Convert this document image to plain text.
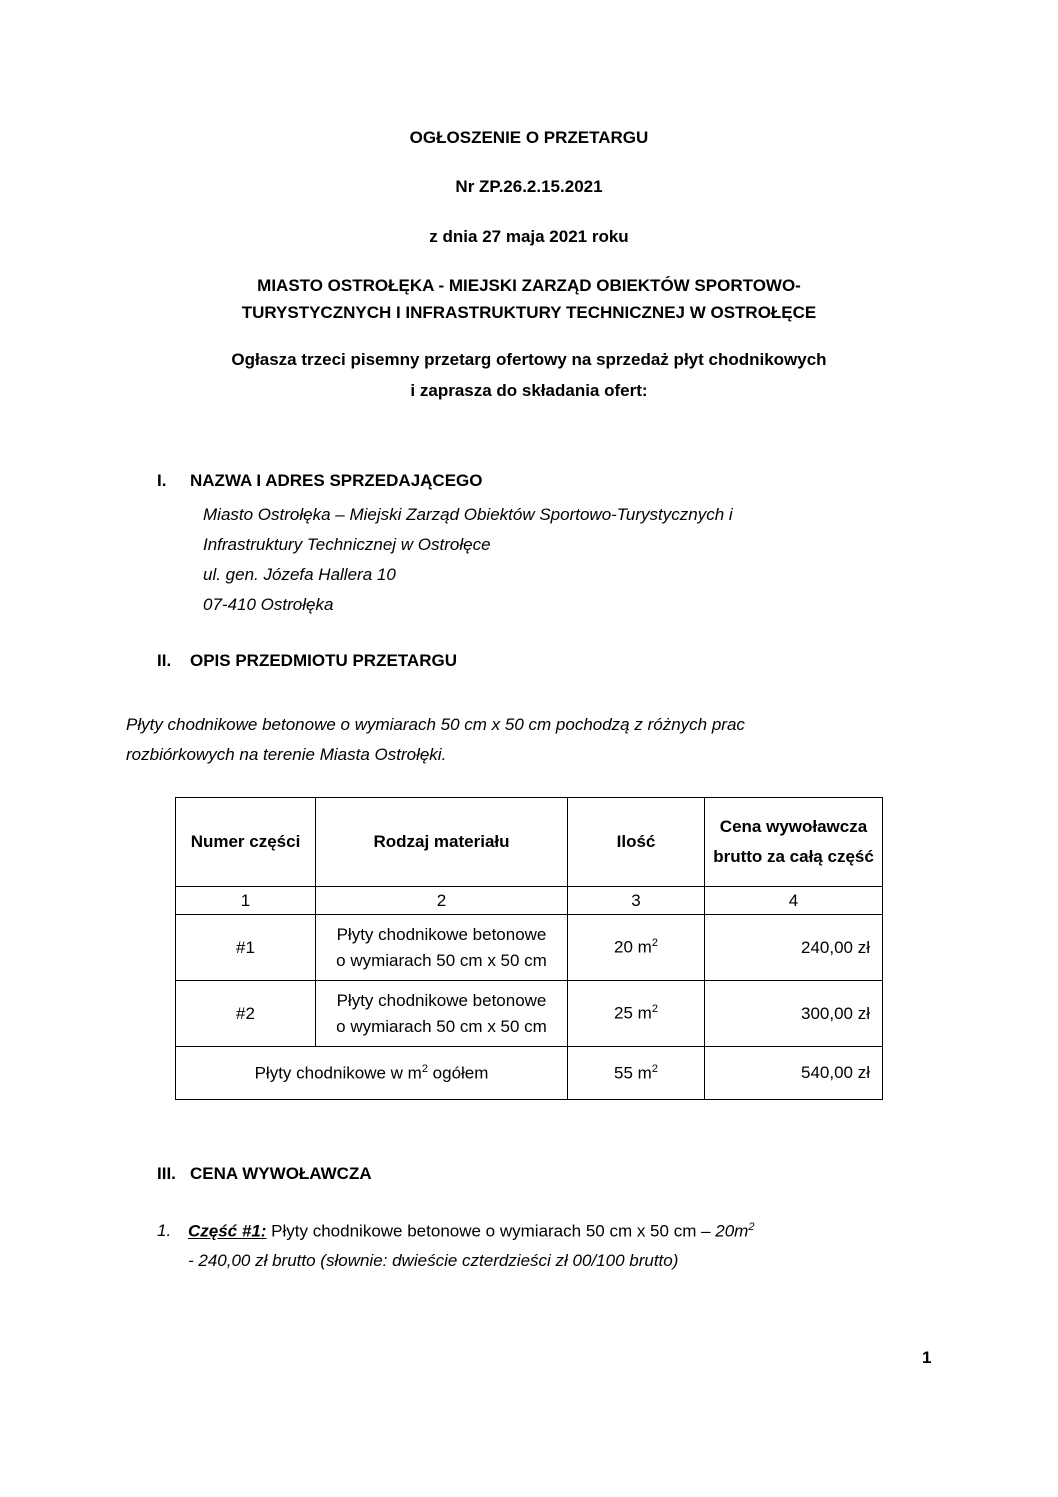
OGŁOSZENIE O PRZETARGU
Nr ZP.26.2.15.2021
z dnia 27 maja 2021 roku
MIASTO OSTROŁĘKA - MIEJSKI ZARZĄD OBIEKTÓW SPORTOWO-
TURYSTYCZNYCH I INFRASTRUKTURY TECHNICZNEJ W OSTROŁĘCE
Ogłasza trzeci pisemny przetarg ofertowy na sprzedaż płyt chodnikowych
i zaprasza do składania ofert:
I. NAZWA I ADRES SPRZEDAJĄCEGO
Miasto Ostrołęka – Miejski Zarząd Obiektów Sportowo-Turystycznych i
Infrastruktury Technicznej w Ostrołęce
ul. gen. Józefa Hallera 10
07-410 Ostrołęka
II. OPIS PRZEDMIOTU PRZETARGU
Płyty chodnikowe betonowe o wymiarach 50 cm x 50 cm pochodzą z różnych prac
rozbiórkowych na terenie Miasta Ostrołęki.
Numer części	Rodzaj materiału	Ilość	Cena wywoławcza brutto za całą część
1	2	3	4
#1	Płyty chodnikowe betonowe
o wymiarach 50 cm x 50 cm	20 $m^2$	240,00 zł
#2	Płyty chodnikowe betonowe
o wymiarach 50 cm x 50 cm	25 $m^2$	300,00 zł
Płyty chodnikowe w $m^2$ ogółem		55 $m^2$	540,00 zł
III. CENA WYWOŁAWCZA
1. Część #1: Płyty chodnikowe betonowe o wymiarach 50 cm x 50 cm – $20m^2$
- 240,00 zł brutto (słownie: dwieście czterdzieści zł 00/100 brutto)
1
